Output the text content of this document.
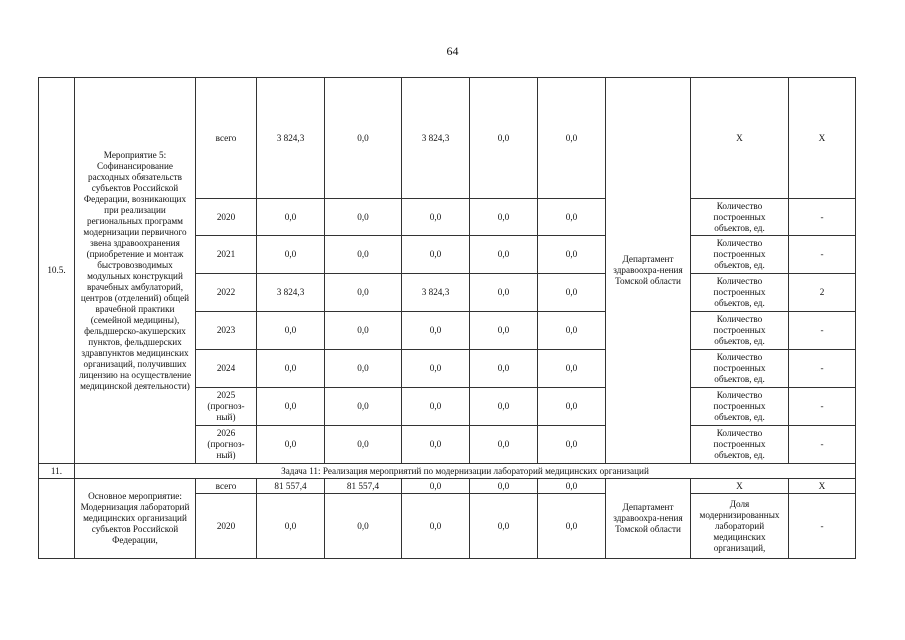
64
10.5.	Мероприятие 5: Софинансирование расходных обязательств субъектов Российской Федерации, возникающих при реализации региональных программ модернизации первичного звена здравоохранения (приобретение и монтаж быстровозводимых модульных конструкций врачебных амбулаторий, центров (отделений) общей врачебной практики (семейной медицины), фельдшерско-акушерских пунктов, фельдшерских здравпунктов медицинских организаций, получивших лицензию на осуществление медицинской деятельности)	всего	3 824,3	0,0	3 824,3	0,0	0,0	Департамент здравоохра-нения Томской области	X	X
		2020	0,0	0,0	0,0	0,0	0,0		Количество построенных объектов, ед.	-
		2021	0,0	0,0	0,0	0,0	0,0		Количество построенных объектов, ед.	-
		2022	3 824,3	0,0	3 824,3	0,0	0,0		Количество построенных объектов, ед.	2
		2023	0,0	0,0	0,0	0,0	0,0		Количество построенных объектов, ед.	-
		2024	0,0	0,0	0,0	0,0	0,0		Количество построенных объектов, ед.	-
		2025 (прогноз-ный)	0,0	0,0	0,0	0,0	0,0		Количество построенных объектов, ед.	-
		2026 (прогноз-ный)	0,0	0,0	0,0	0,0	0,0		Количество построенных объектов, ед.	-
11.	Задача 11: Реализация мероприятий по модернизации лабораторий медицинских организаций									
	Основное мероприятие: Модернизация лабораторий медицинских организаций субъектов Российской Федерации,	всего	81 557,4	81 557,4	0,0	0,0	0,0	Департамент здравоохра-нения Томской области	X	X
		2020	0,0	0,0	0,0	0,0	0,0		Доля модернизированных лабораторий медицинских организаций,	-
